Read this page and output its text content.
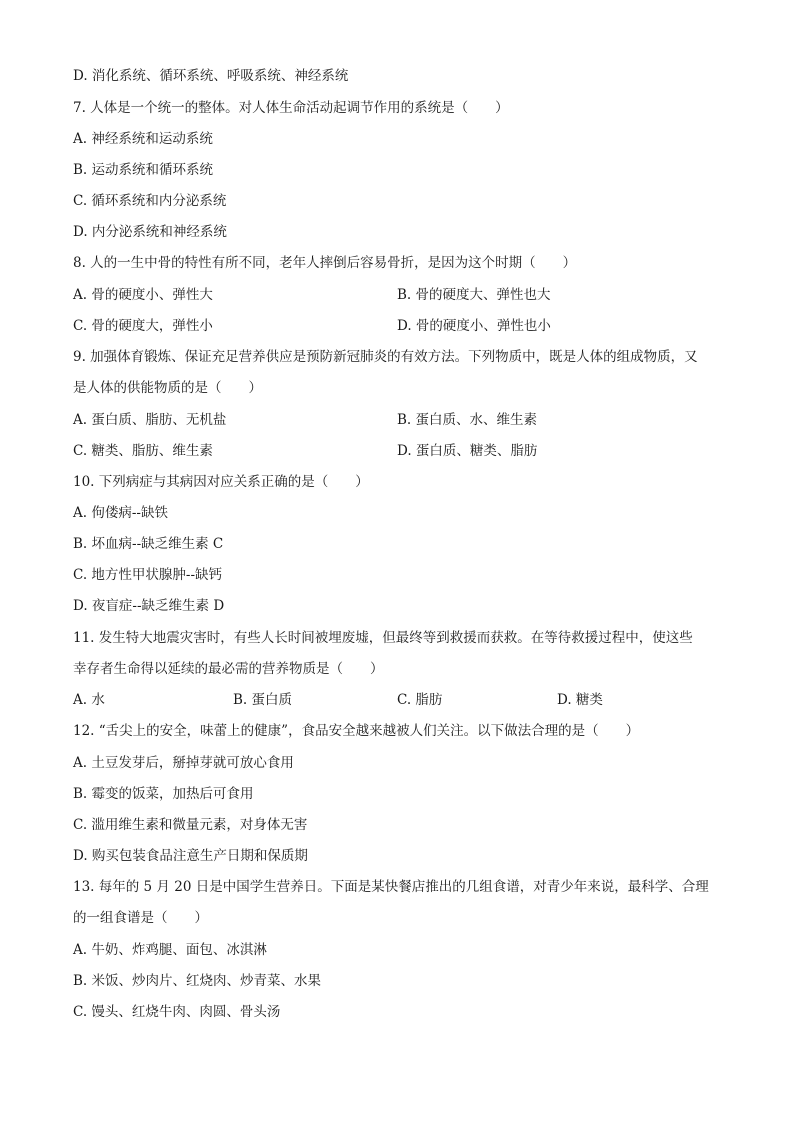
D. 消化系统、循环系统、呼吸系统、神经系统
7. 人体是一个统一的整体。对人体生命活动起调节作用的系统是（　　）
A. 神经系统和运动系统
B. 运动系统和循环系统
C. 循环系统和内分泌系统
D. 内分泌系统和神经系统
8. 人的一生中骨的特性有所不同，老年人摔倒后容易骨折，是因为这个时期（　　）
A. 骨的硬度小、弹性大	B. 骨的硬度大、弹性也大
C. 骨的硬度大，弹性小	D. 骨的硬度小、弹性也小
9. 加强体育锻炼、保证充足营养供应是预防新冠肺炎的有效方法。下列物质中，既是人体的组成物质，又
是人体的供能物质的是（　　）
A. 蛋白质、脂肪、无机盐	B. 蛋白质、水、维生素
C. 糖类、脂肪、维生素	D. 蛋白质、糖类、脂肪
10. 下列病症与其病因对应关系正确的是（　　）
A. 佝偻病--缺铁
B. 坏血病--缺乏维生素 C
C. 地方性甲状腺肿--缺钙
D. 夜盲症--缺乏维生素 D
11. 发生特大地震灾害时，有些人长时间被埋废墟，但最终等到救援而获救。在等待救援过程中，使这些
幸存者生命得以延续的最必需的营养物质是（　　）
A. 水	B. 蛋白质	C. 脂肪	D. 糖类
12. “舌尖上的安全，味蕾上的健康”，食品安全越来越被人们关注。以下做法合理的是（　　）
A. 土豆发芽后，掰掉芽就可放心食用
B. 霉变的饭菜，加热后可食用
C. 滥用维生素和微量元素，对身体无害
D. 购买包装食品注意生产日期和保质期
13. 每年的 5 月 20 日是中国学生营养日。下面是某快餐店推出的几组食谱，对青少年来说，最科学、合理
的一组食谱是（　　）
A. 牛奶、炸鸡腿、面包、冰淇淋
B. 米饭、炒肉片、红烧肉、炒青菜、水果
C. 馒头、红烧牛肉、肉圆、骨头汤
